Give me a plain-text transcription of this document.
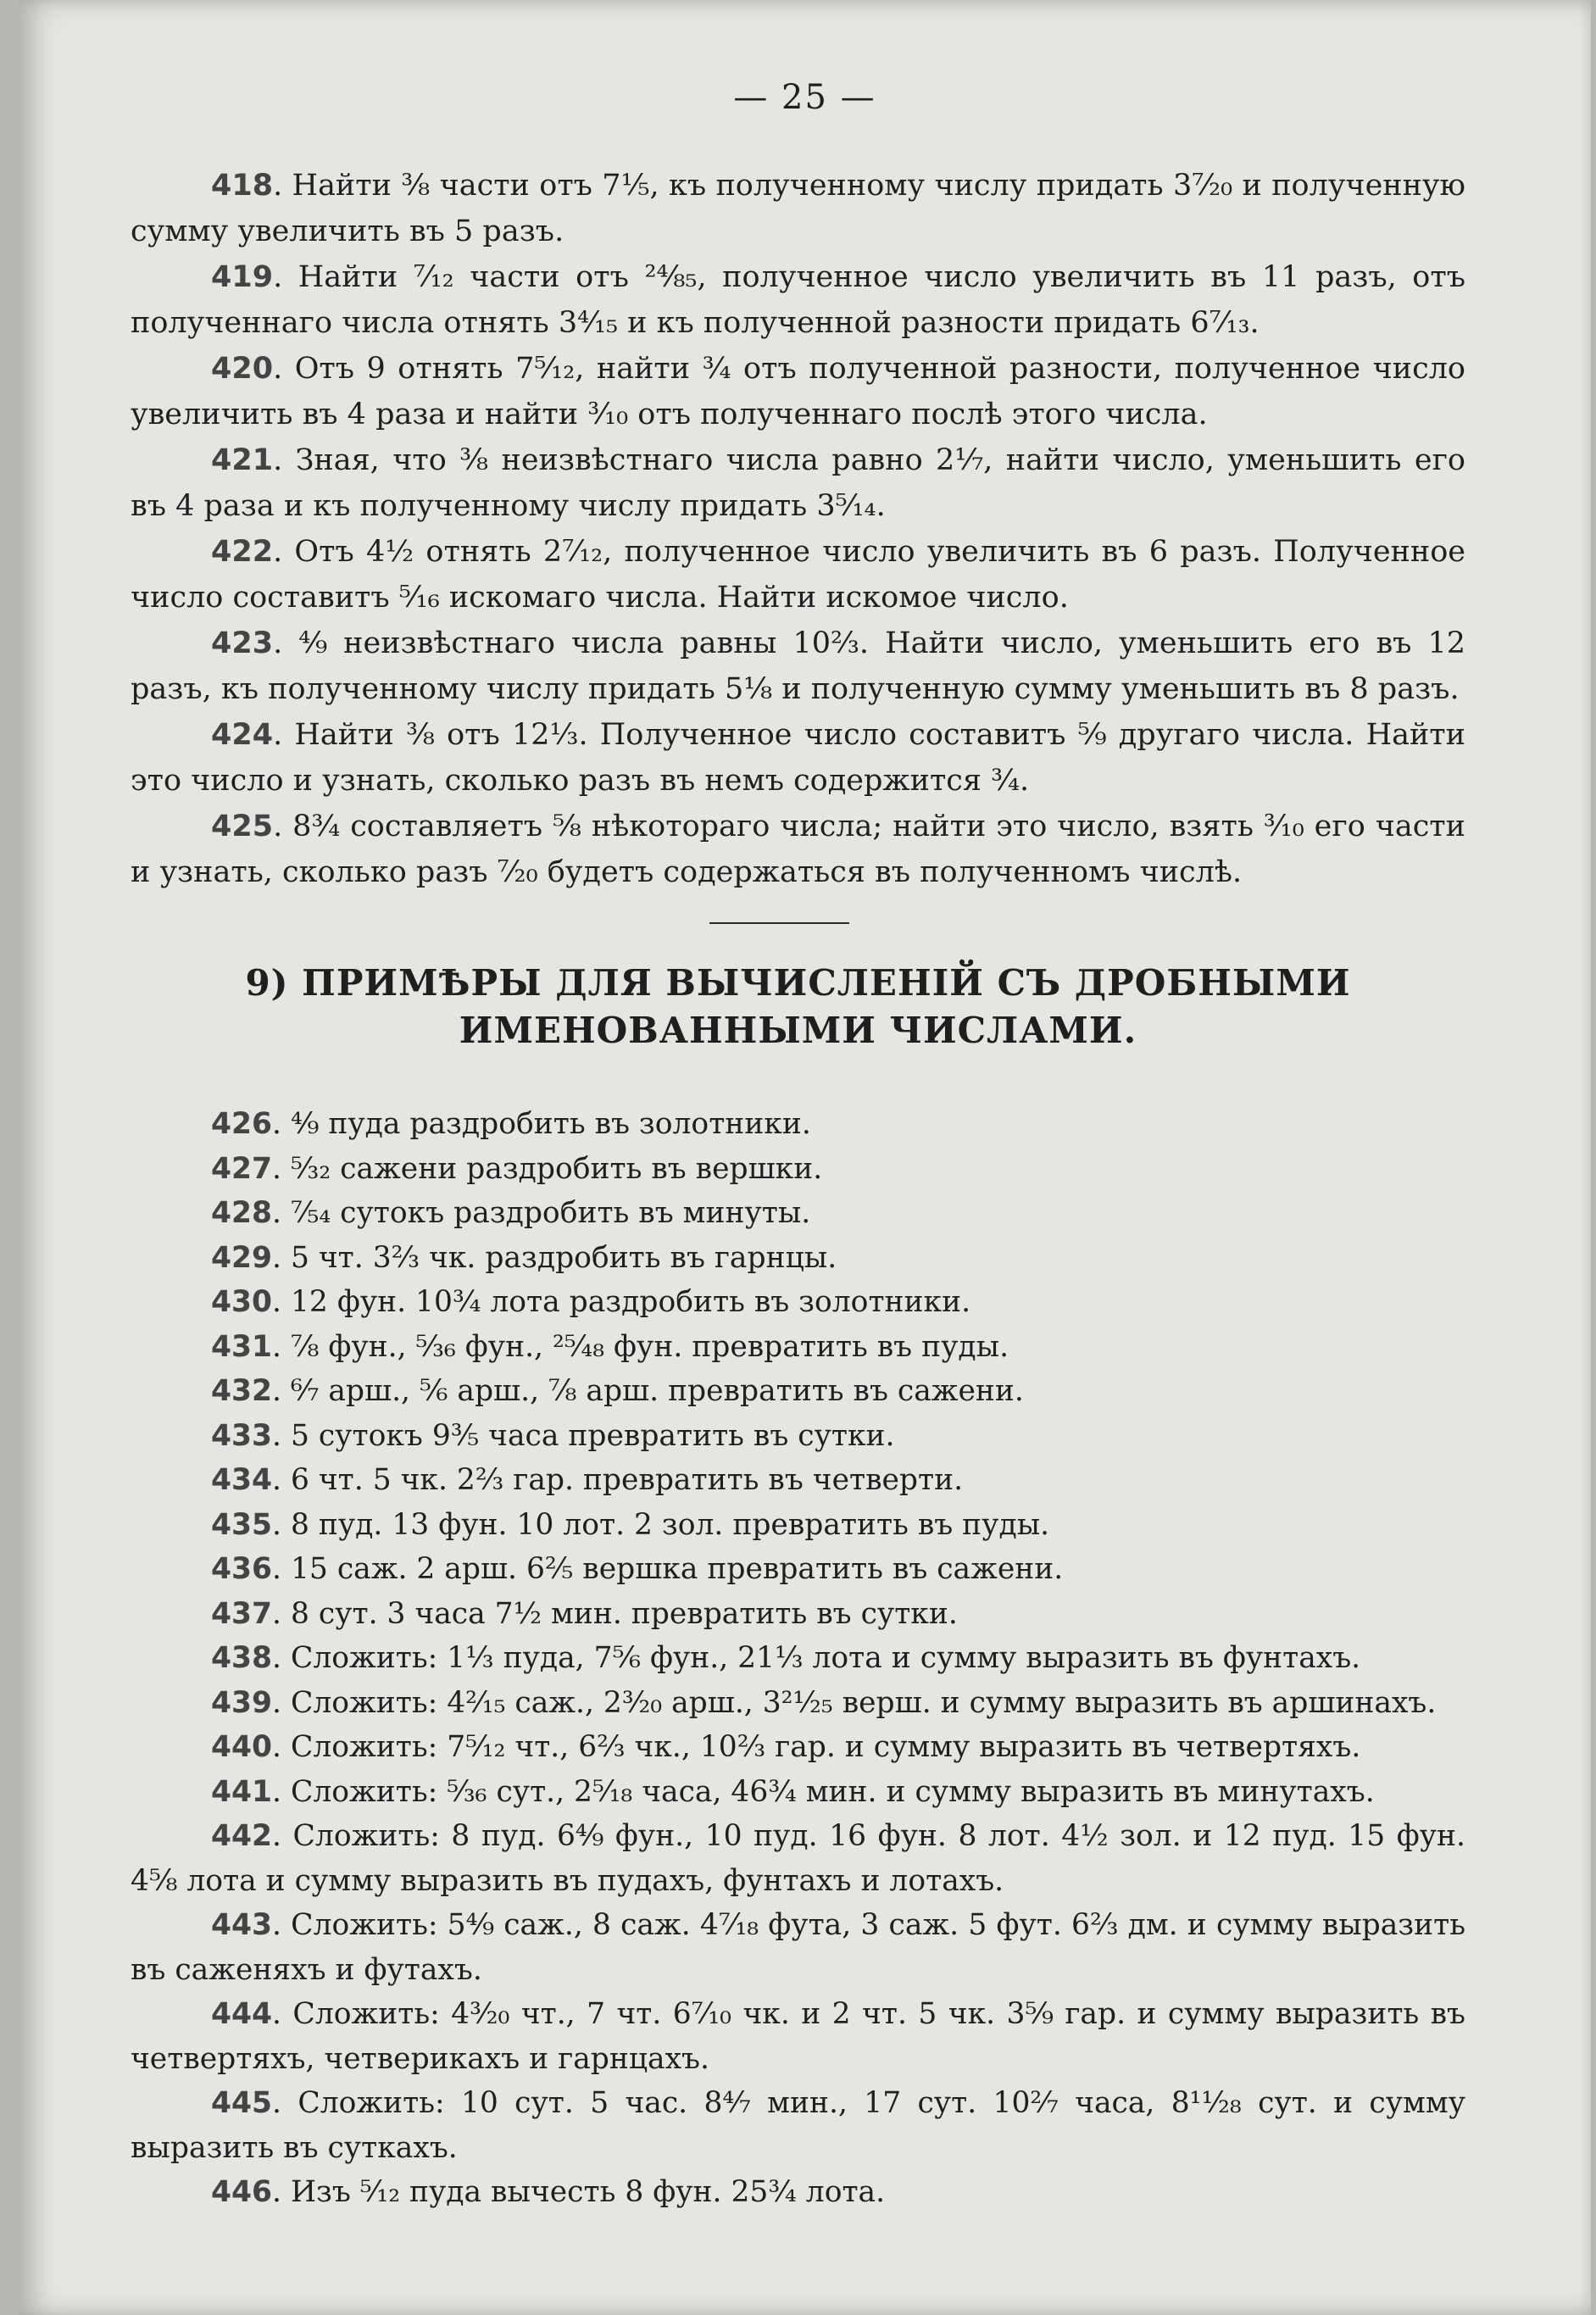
— 25 —

418. Найти ⅜ части отъ 7⅕, къ полученному числу придать 3⁷⁄₂₀ и полученную сумму увеличить въ 5 разъ.

419. Найти ⁷⁄₁₂ части отъ ²⁴⁄₈₅, полученное число увеличить въ 11 разъ, отъ полученнаго числа отнять 3⁴⁄₁₅ и къ полученной разности придать 6⁷⁄₁₃.

420. Отъ 9 отнять 7⁵⁄₁₂, найти ¾ отъ полученной разности, полученное число увеличить въ 4 раза и найти ³⁄₁₀ отъ полученнаго послѣ этого числа.

421. Зная, что ⅜ неизвѣстнаго числа равно 2¹⁄₇, найти число, уменьшить его въ 4 раза и къ полученному числу придать 3⁵⁄₁₄.

422. Отъ 4½ отнять 2⁷⁄₁₂, полученное число увеличить въ 6 разъ. Полученное число составитъ ⁵⁄₁₆ искомаго числа. Найти искомое число.

423. ⁴⁄₉ неизвѣстнаго числа равны 10⅔. Найти число, уменьшить его въ 12 разъ, къ полученному числу придать 5⅛ и полученную сумму уменьшить въ 8 разъ.

424. Найти ⅜ отъ 12⅓. Полученное число составитъ ⁵⁄₉ другаго числа. Найти это число и узнать, сколько разъ въ немъ содержится ¾.

425. 8¾ составляетъ ⅝ нѣкотораго числа; найти это число, взять ³⁄₁₀ его части и узнать, сколько разъ ⁷⁄₂₀ будетъ содержаться въ полученномъ числѣ.

9) ПРИМѢРЫ ДЛЯ ВЫЧИСЛЕНІЙ СЪ ДРОБНЫМИ ИМЕНОВАННЫМИ ЧИСЛАМИ.

426. ⁴⁄₉ пуда раздробить въ золотники.

427. ⁵⁄₃₂ сажени раздробить въ вершки.

428. ⁷⁄₅₄ сутокъ раздробить въ минуты.

429. 5 чт. 3⅔ чк. раздробить въ гарнцы.

430. 12 фун. 10¾ лота раздробить въ золотники.

431. ⅞ фун., ⁵⁄₃₆ фун., ²⁵⁄₄₈ фун. превратить въ пуды.

432. ⁶⁄₇ арш., ⅚ арш., ⅞ арш. превратить въ сажени.

433. 5 сутокъ 9⅗ часа превратить въ сутки.

434. 6 чт. 5 чк. 2⅔ гар. превратить въ четверти.

435. 8 пуд. 13 фун. 10 лот. 2 зол. превратить въ пуды.

436. 15 саж. 2 арш. 6⅖ вершка превратить въ сажени.

437. 8 сут. 3 часа 7½ мин. превратить въ сутки.

438. Сложить: 1⅓ пуда, 7⅚ фун., 21⅓ лота и сумму выразить въ фунтахъ.

439. Сложить: 4²⁄₁₅ саж., 2³⁄₂₀ арш., 3²¹⁄₂₅ верш. и сумму выразить въ аршинахъ.

440. Сложить: 7⁵⁄₁₂ чт., 6⅔ чк., 10⅔ гар. и сумму выразить въ четвертяхъ.

441. Сложить: ⁵⁄₃₆ сут., 2⁵⁄₁₈ часа, 46¾ мин. и сумму выразить въ минутахъ.

442. Сложить: 8 пуд. 6⁴⁄₉ фун., 10 пуд. 16 фун. 8 лот. 4½ зол. и 12 пуд. 15 фун. 4⅝ лота и сумму выразить въ пудахъ, фунтахъ и лотахъ.

443. Сложить: 5⁴⁄₉ саж., 8 саж. 4⁷⁄₁₈ фута, 3 саж. 5 фут. 6⅔ дм. и сумму выразить въ саженяхъ и футахъ.

444. Сложить: 4³⁄₂₀ чт., 7 чт. 6⁷⁄₁₀ чк. и 2 чт. 5 чк. 3⁵⁄₉ гар. и сумму выразить въ четвертяхъ, четверикахъ и гарнцахъ.

445. Сложить: 10 сут. 5 час. 8⁴⁄₇ мин., 17 сут. 10²⁄₇ часа, 8¹¹⁄₂₈ сут. и сумму выразить въ суткахъ.

446. Изъ ⁵⁄₁₂ пуда вычесть 8 фун. 25¾ лота.
